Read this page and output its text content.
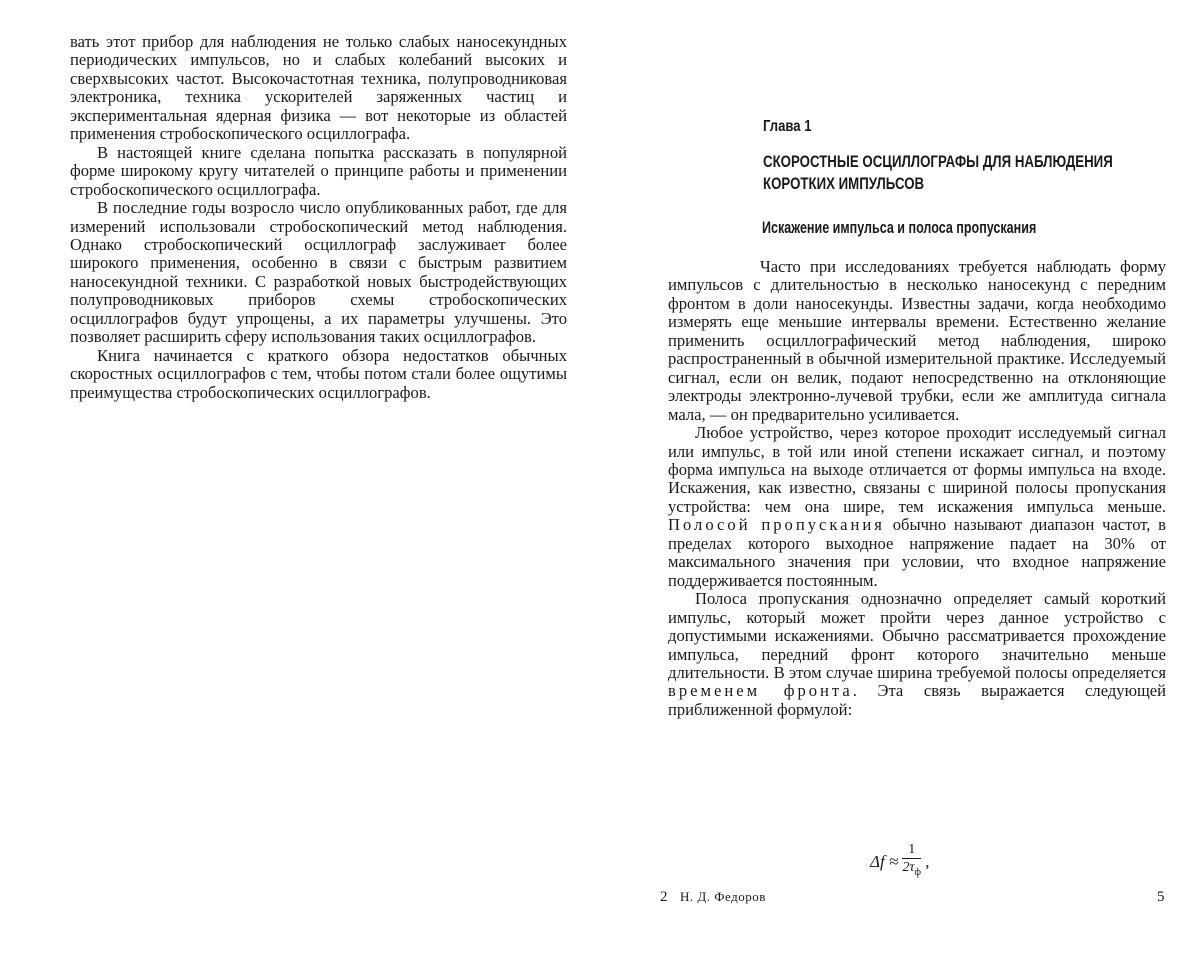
вать этот прибор для наблюдения не только слабых наносекундных периодических импульсов, но и слабых колебаний высоких и сверхвысоких частот. Высокочастотная техника, полупроводниковая электроника, техника ускорителей заряженных частиц и экспериментальная ядерная физика — вот некоторые из областей применения стробоскопического осциллографа.

В настоящей книге сделана попытка рассказать в популярной форме широкому кругу читателей о принципе работы и применении стробоскопического осциллографа.

В последние годы возросло число опубликованных работ, где для измерений использовали стробоскопический метод наблюдения. Однако стробоскопический осциллограф заслуживает более широкого применения, особенно в связи с быстрым развитием наносекундной техники. С разработкой новых быстродействующих полупроводниковых приборов схемы стробоскопических осциллографов будут упрощены, а их параметры улучшены. Это позволяет расширить сферу использования таких осциллографов.

Книга начинается с краткого обзора недостатков обычных скоростных осциллографов с тем, чтобы потом стали более ощутимы преимущества стробоскопических осциллографов.

Глава 1
СКОРОСТНЫЕ ОСЦИЛЛОГРАФЫ ДЛЯ НАБЛЮДЕНИЯ
КОРОТКИХ ИМПУЛЬСОВ
Искажение импульса и полоса пропускания

Часто при исследованиях требуется наблюдать форму импульсов с длительностью в несколько наносекунд с передним фронтом в доли наносекунды. Известны задачи, когда необходимо измерять еще меньшие интервалы времени. Естественно желание применить осциллографический метод наблюдения, широко распространенный в обычной измерительной практике. Исследуемый сигнал, если он велик, подают непосредственно на отклоняющие электроды электронно-лучевой трубки, если же амплитуда сигнала мала, — он предварительно усиливается.

Любое устройство, через которое проходит исследуемый сигнал или импульс, в той или иной степени искажает сигнал, и поэтому форма импульса на выходе отличается от формы импульса на входе. Искажения, как известно, связаны с шириной полосы пропускания устройства: чем она шире, тем искажения импульса меньше. Полосой пропускания обычно называют диапазон частот, в пределах которого выходное напряжение падает на 30% от максимального значения при условии, что входное напряжение поддерживается постоянным.

Полоса пропускания однозначно определяет самый короткий импульс, который может пройти через данное устройство с допустимыми искажениями. Обычно рассматривается прохождение импульса, передний фронт которого значительно меньше длительности. В этом случае ширина требуемой полосы определяется временем фронта. Эта связь выражается следующей приближенной формулой:

$\Delta f \approx \frac{1}{2\tau_ф}$ ,
2 Н. Д. Федоров	5
